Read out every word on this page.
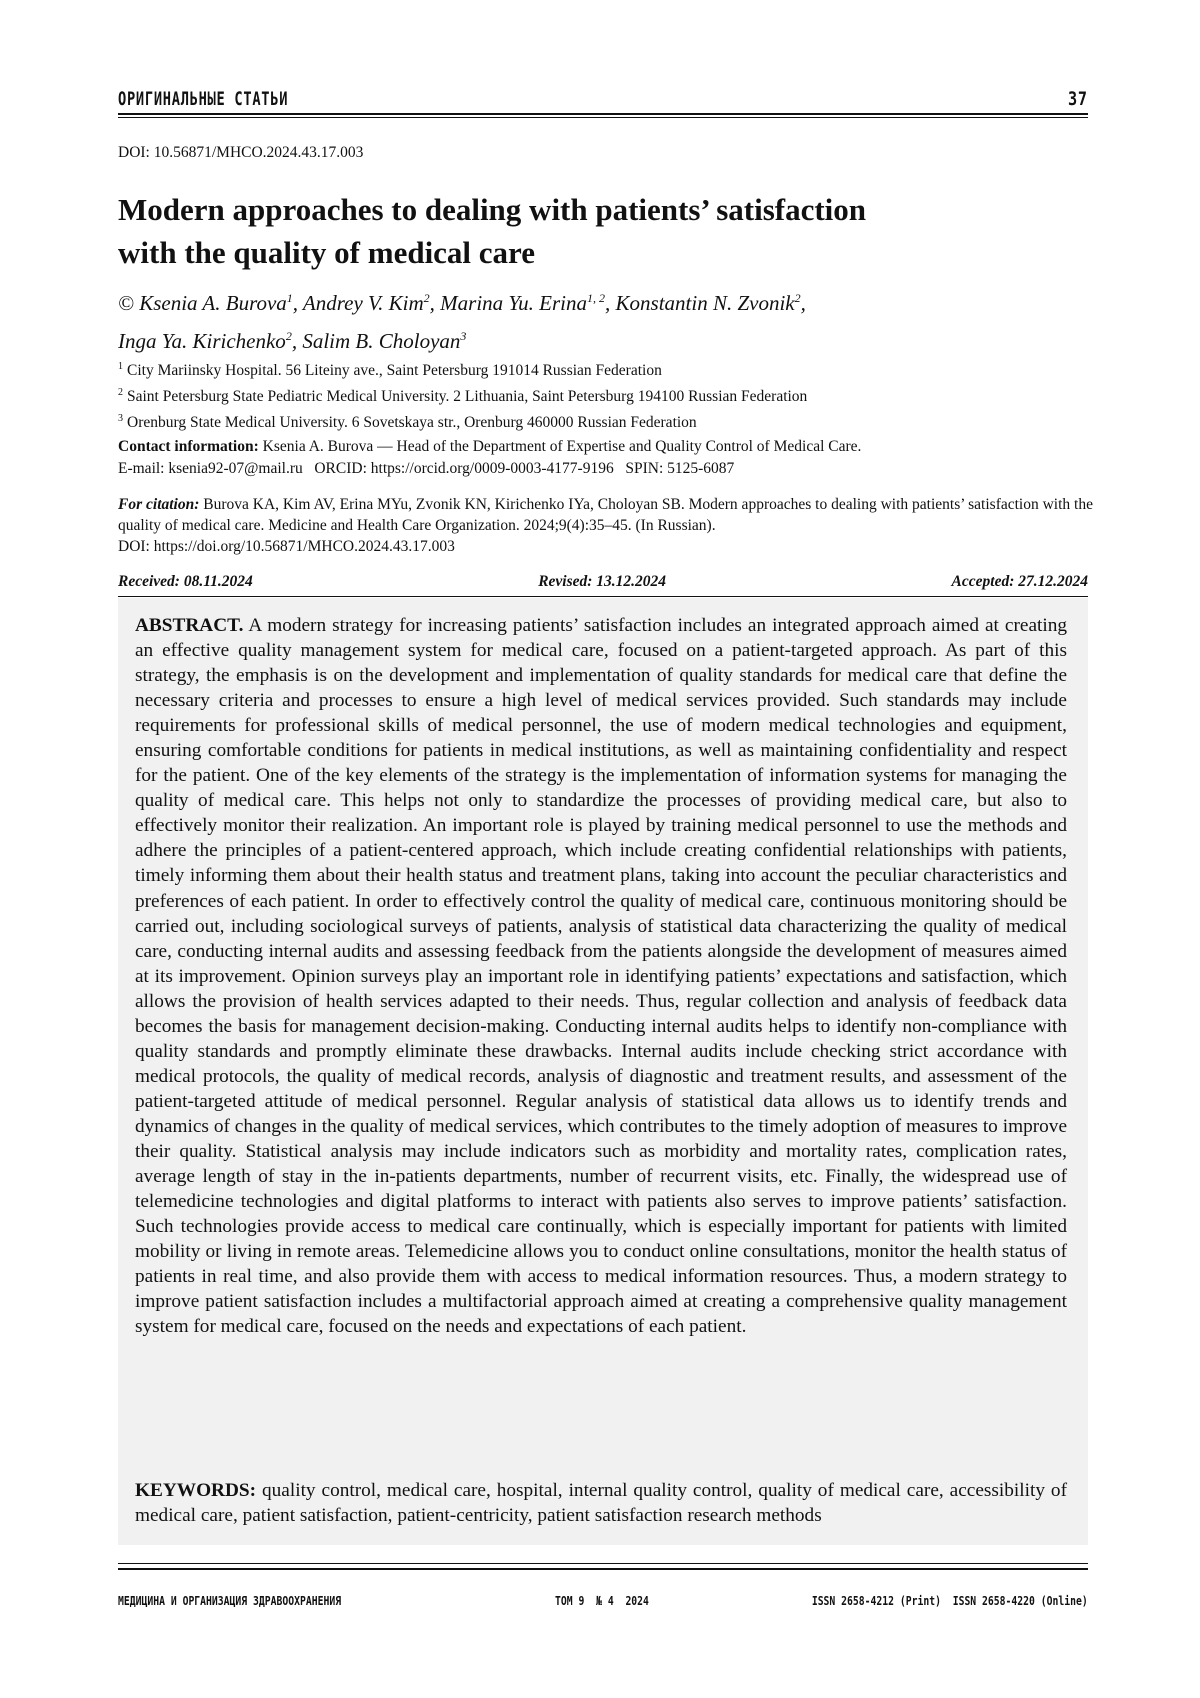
ОРИГИНАЛЬНЫЕ СТАТЬИ	37
DOI: 10.56871/MHCO.2024.43.17.003
Modern approaches to dealing with patients’ satisfaction
with the quality of medical care
© Ksenia A. Burova$^1$, Andrey V. Kim$^2$, Marina Yu. Erina$^{1, 2}$, Konstantin N. Zvonik$^2$,
Inga Ya. Kirichenko$^2$, Salim B. Choloyan$^3$
$^1$ City Mariinsky Hospital. 56 Liteiny ave., Saint Petersburg 191014 Russian Federation
$^2$ Saint Petersburg State Pediatric Medical University. 2 Lithuania, Saint Petersburg 194100 Russian Federation
$^3$ Orenburg State Medical University. 6 Sovetskaya str., Orenburg 460000 Russian Federation
Contact information: Ksenia A. Burova — Head of the Department of Expertise and Quality Control of Medical Care.
E-mail: ksenia92-07@mail.ru   ORCID: https://orcid.org/0009-0003-4177-9196   SPIN: 5125-6087
For citation: Burova KA, Kim AV, Erina MYu, Zvonik KN, Kirichenko IYa, Choloyan SB. Modern approaches to dealing with patients’ satisfaction with the quality of medical care. Medicine and Health Care Organization. 2024;9(4):35–45. (In Russian).
DOI: https://doi.org/10.56871/MHCO.2024.43.17.003
Received: 08.11.2024	Revised: 13.12.2024	Accepted: 27.12.2024

ABSTRACT. A modern strategy for increasing patients’ satisfaction includes an integrated approach aimed at creating an effective quality management system for medical care, focused on a patient-targeted approach. As part of this strategy, the emphasis is on the development and implementation of quality standards for medical care that define the necessary criteria and processes to ensure a high level of medical services provided. Such standards may include requirements for professional skills of medical personnel, the use of modern medical technologies and equipment, ensuring comfortable conditions for patients in medical institutions, as well as maintaining confidentiality and respect for the patient. One of the key elements of the strategy is the implementation of information systems for managing the quality of medical care. This helps not only to standardize the processes of providing medical care, but also to effectively monitor their realization. An important role is played by training medical personnel to use the methods and adhere the principles of a patient-centered approach, which include creating confidential relationships with patients, timely informing them about their health status and treatment plans, taking into account the peculiar characteristics and preferences of each patient. In order to effectively control the quality of medical care, continuous monitoring should be carried out, including sociological surveys of patients, analysis of statistical data characterizing the quality of medical care, conducting internal audits and assessing feedback from the patients alongside the development of measures aimed at its improvement. Opinion surveys play an important role in identifying patients’ expectations and satisfaction, which allows the provision of health services adapted to their needs. Thus, regular collection and analysis of feedback data becomes the basis for management decision-making. Conducting internal audits helps to identify non-compliance with quality standards and promptly eliminate these drawbacks. Internal audits include checking strict accordance with medical protocols, the quality of medical records, analysis of diagnostic and treatment results, and assessment of the patient-targeted attitude of medical personnel. Regular analysis of statistical data allows us to identify trends and dynamics of changes in the quality of medical services, which contributes to the timely adoption of measures to improve their quality. Statistical analysis may include indicators such as morbidity and mortality rates, complication rates, average length of stay in the in-patients departments, number of recurrent visits, etc. Finally, the widespread use of telemedicine technologies and digital platforms to interact with patients also serves to improve patients’ satisfaction. Such technologies provide access to medical care continually, which is especially important for patients with limited mobility or living in remote areas. Telemedicine allows you to conduct online consultations, monitor the health status of patients in real time, and also provide them with access to medical information resources. Thus, a modern strategy to improve patient satisfaction includes a multifactorial approach aimed at creating a comprehensive quality management system for medical care, focused on the needs and expectations of each patient.

KEYWORDS: quality control, medical care, hospital, internal quality control, quality of medical care, accessibility of medical care, patient satisfaction, patient-centricity, patient satisfaction research methods

МЕДИЦИНА И ОРГАНИЗАЦИЯ ЗДРАВООХРАНЕНИЯ	ТОМ 9  № 4  2024	ISSN 2658-4212 (Print)  ISSN 2658-4220 (Online)
